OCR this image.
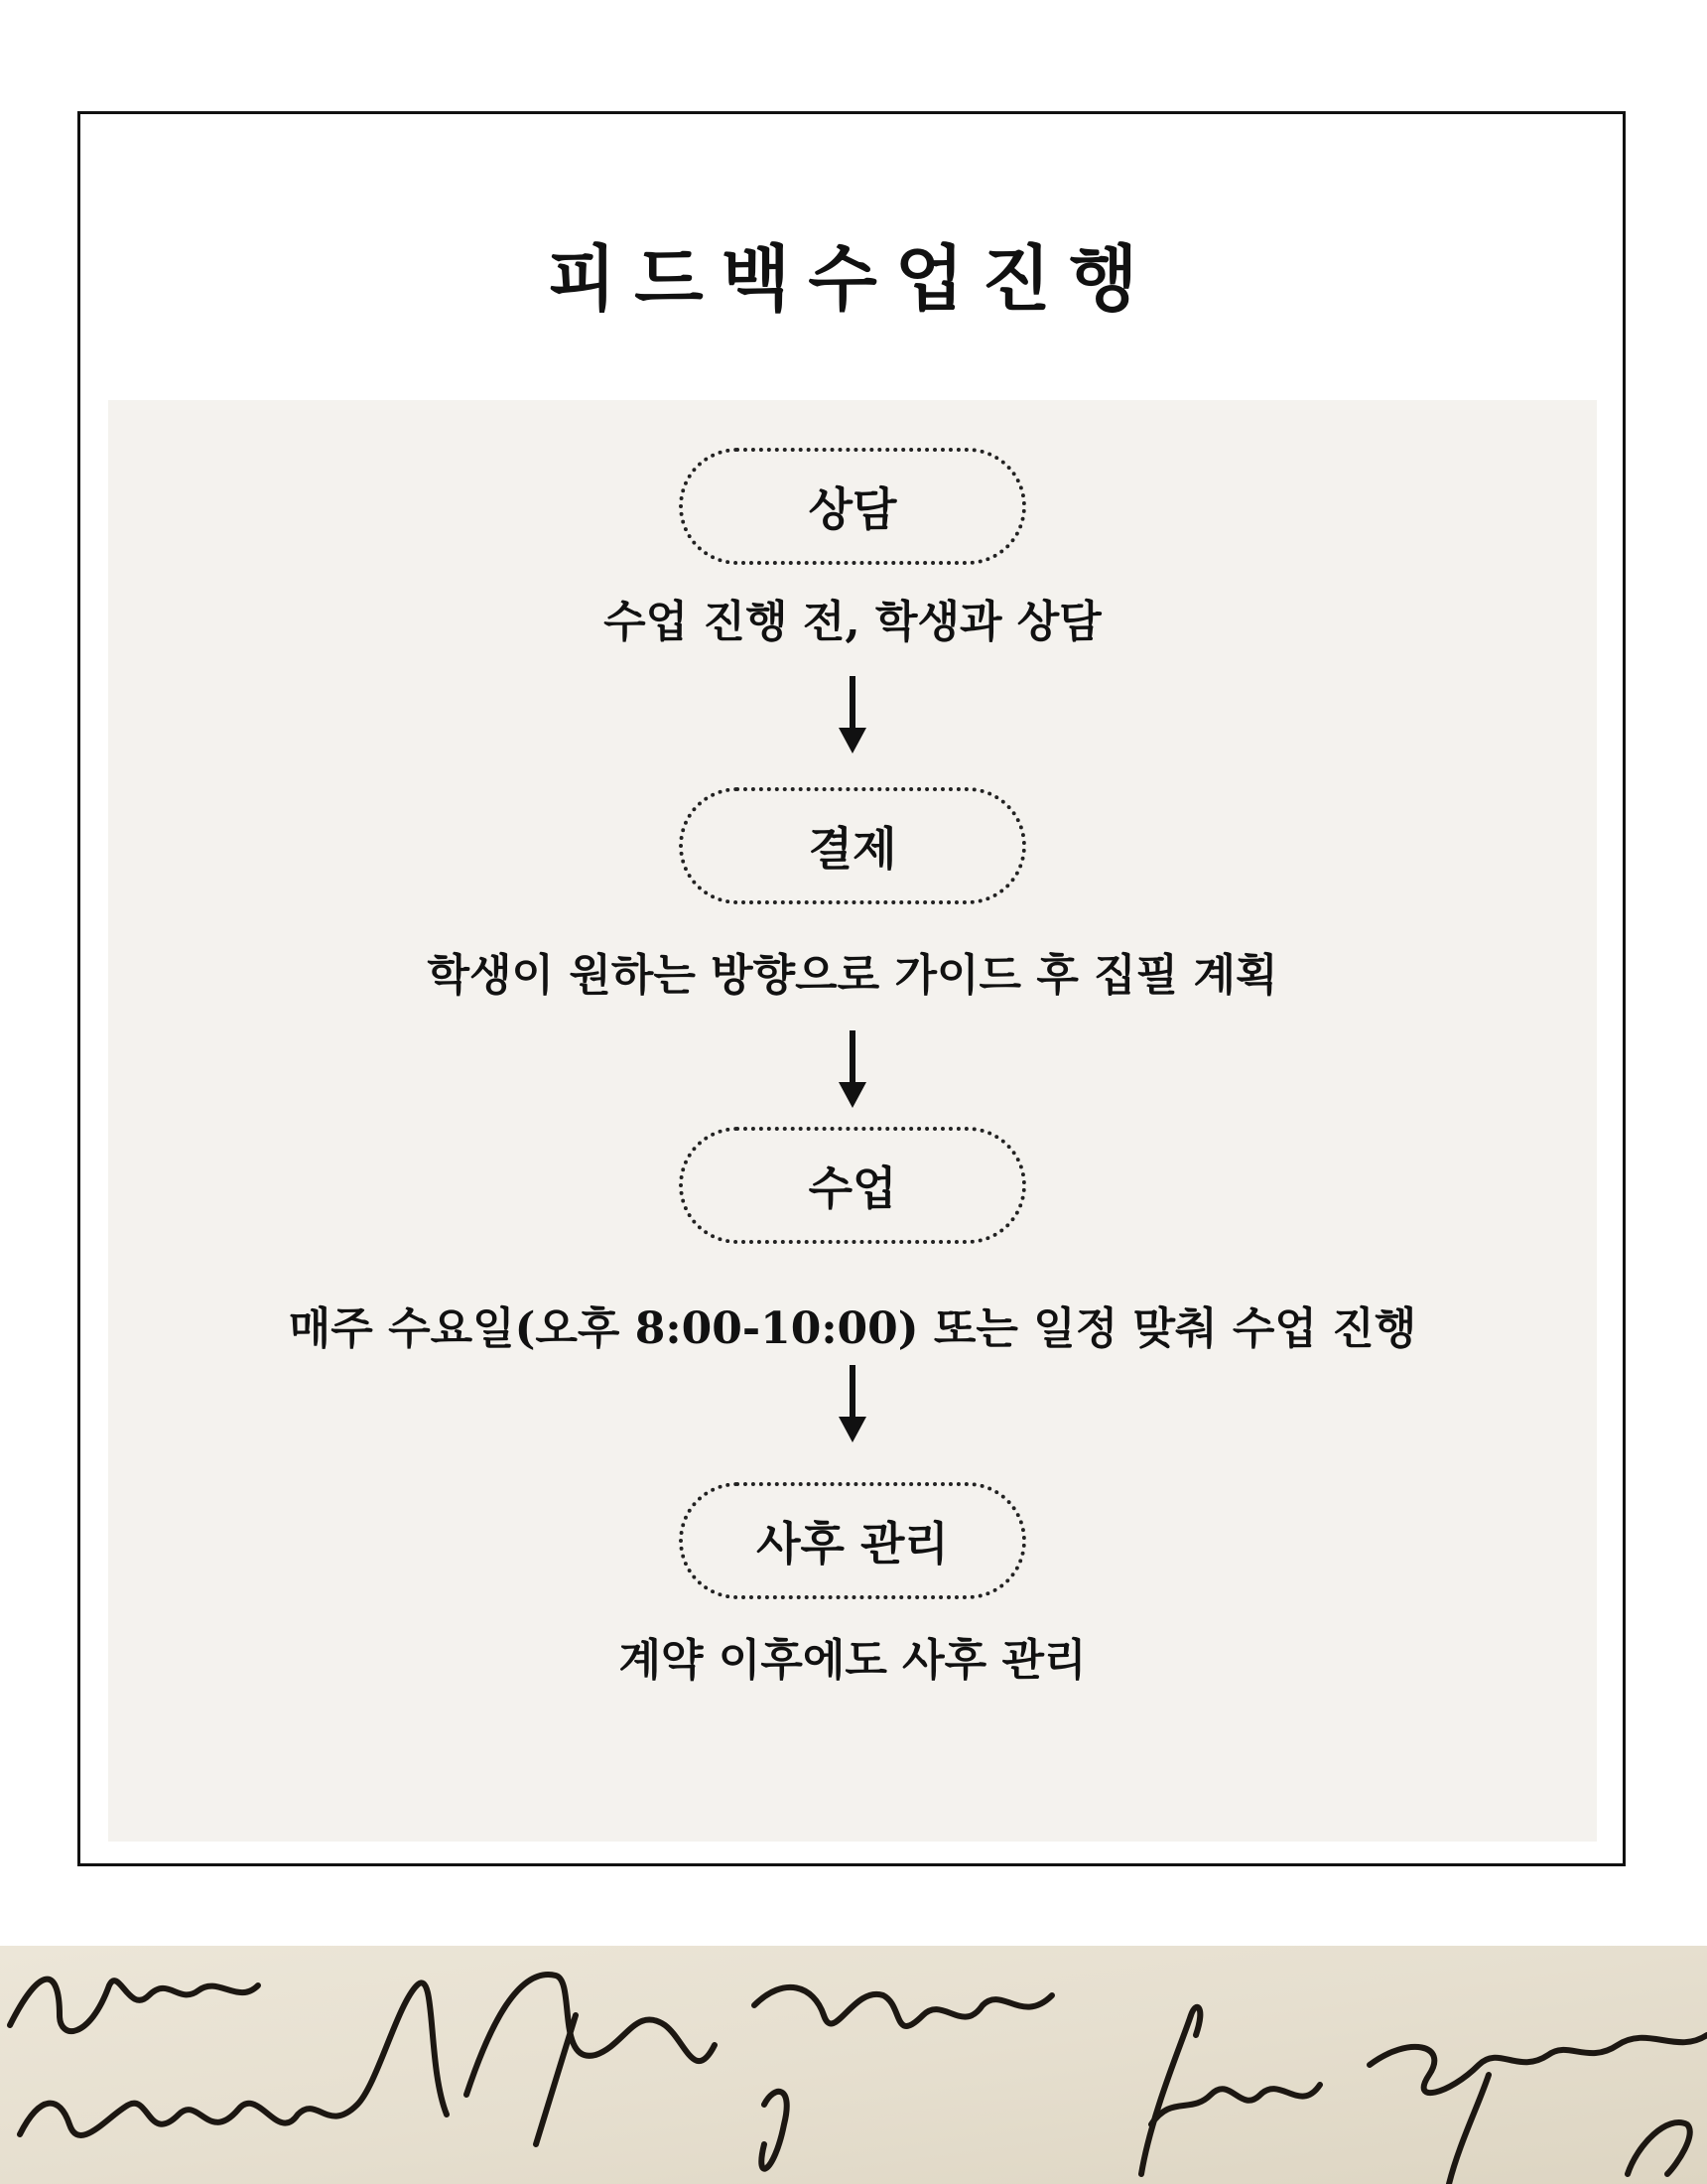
피드백수업진행
상담
수업 진행 전, 학생과 상담
결제
학생이 원하는 방향으로 가이드 후 집필 계획
수업
매주 수요일(오후 8:00-10:00) 또는 일정 맞춰 수업 진행
사후 관리
계약 이후에도 사후 관리
